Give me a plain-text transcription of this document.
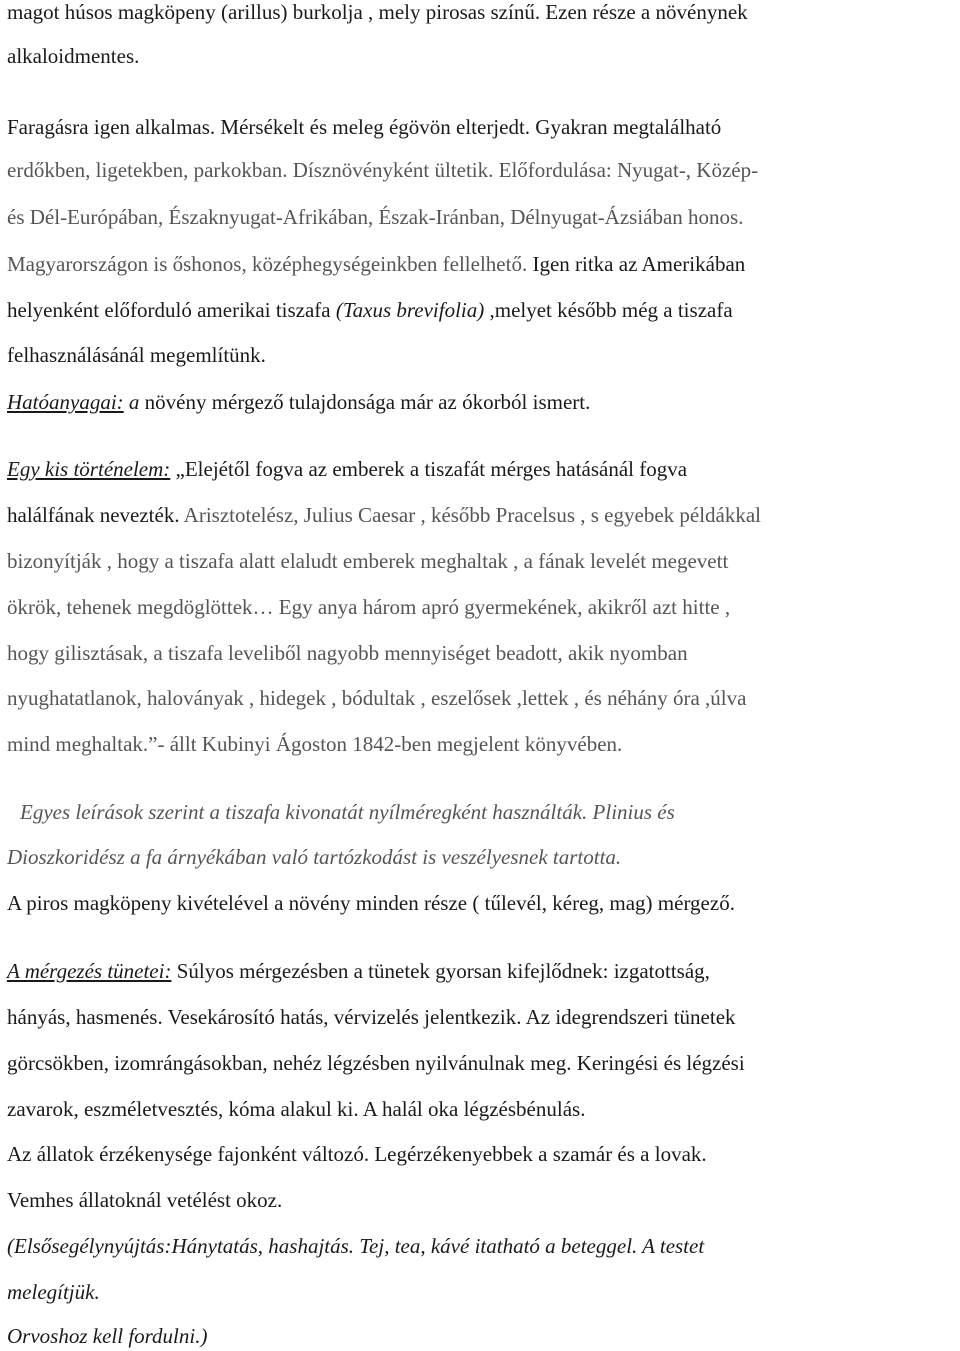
magot húsos magköpeny (arillus) burkolja , mely pirosas színű. Ezen része a növénynek
alkaloidmentes.
Faragásra igen alkalmas. Mérsékelt és meleg égövön elterjedt. Gyakran megtalálható
erdőkben, ligetekben, parkokban. Dísznövényként ültetik. Előfordulása: Nyugat-, Közép-
és Dél-Európában, Északnyugat-Afrikában, Észak-Iránban, Délnyugat-Ázsiában honos.
Magyarországon is őshonos, középhegységeinkben fellelhető. Igen ritka az Amerikában
helyenként előforduló amerikai tiszafa (Taxus brevifolia) ,melyet később még a tiszafa
felhasználásánál megemlítünk.
Hatóanyagai: a növény mérgező tulajdonsága már az ókorból ismert.
Egy kis történelem: „Elejétől fogva az emberek a tiszafát mérges hatásánál fogva
halálfának nevezték. Arisztotelész, Julius Caesar , később Pracelsus , s egyebek példákkal
bizonyítják , hogy a tiszafa alatt elaludt emberek meghaltak , a fának levelét megevett
ökrök, tehenek megdöglöttek… Egy anya három apró gyermekének, akikről azt hitte ,
hogy gilisztásak, a tiszafa leveliből nagyobb mennyiséget beadott, akik nyomban
nyughatatlanok, haloványak , hidegek , bódultak , eszelősek ,lettek , és néhány óra ,úlva
mind meghaltak.”- állt Kubinyi Ágoston 1842-ben megjelent könyvében.
Egyes leírások szerint a tiszafa kivonatát nyílméregként használták. Plinius és
Dioszkoridész a fa árnyékában való tartózkodást is veszélyesnek tartotta.
A piros magköpeny kivételével a növény minden része ( tűlevél, kéreg, mag) mérgező.
A mérgezés tünetei: Súlyos mérgezésben a tünetek gyorsan kifejlődnek: izgatottság,
hányás, hasmenés. Vesekárosító hatás, vérvizelés jelentkezik. Az idegrendszeri tünetek
görcsökben, izomrángásokban, nehéz légzésben nyilvánulnak meg. Keringési és légzési
zavarok, eszméletvesztés, kóma alakul ki. A halál oka légzésbénulás.
Az állatok érzékenysége fajonként változó. Legérzékenyebbek a szamár és a lovak.
Vemhes állatoknál vetélést okoz.
(Elsősegélynyújtás:Hánytatás, hashajtás. Tej, tea, kávé itatható a beteggel. A testet
melegítjük.
Orvoshoz kell fordulni.)
